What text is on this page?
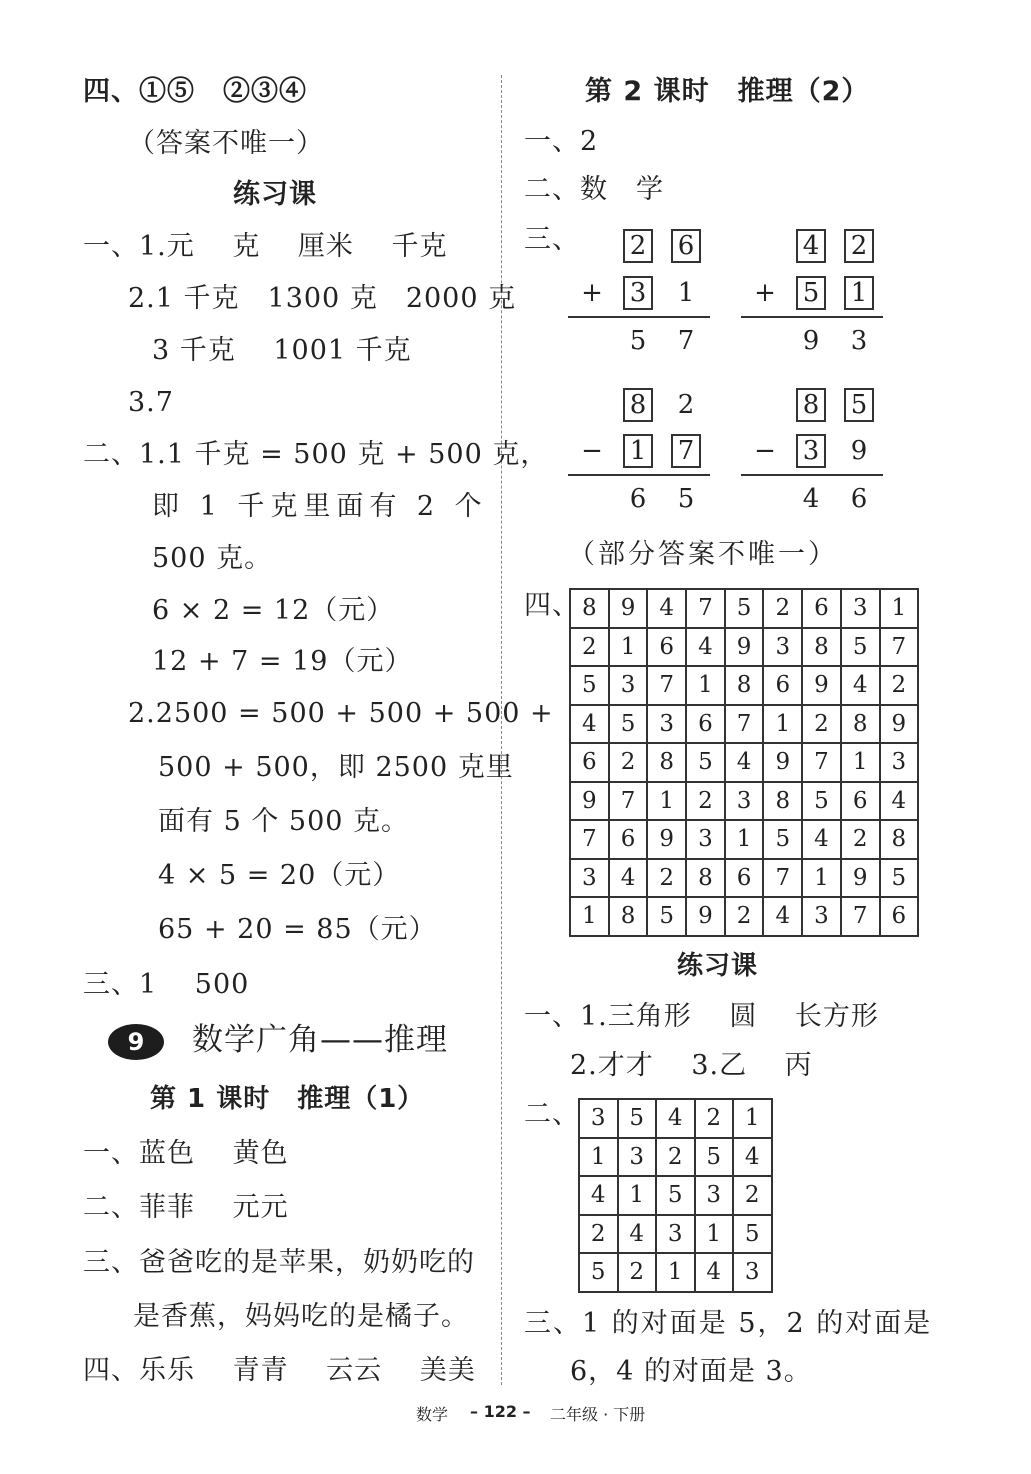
四、①⑤　②③④
（答案不唯一）
练习课
一、1.元　 克　 厘米　 千克
2.1 千克　1300 克　2000 克
3 千克　 1001 千克
3.7
二、1.1 千克 = 500 克 + 500 克，
即 1 千克里面有 2 个
500 克。
6 × 2 = 12（元）
12 + 7 = 19（元）
2.2500 = 500 + 500 + 500 +
500 + 500，即 2500 克里
面有 5 个 500 克。
4 × 5 = 20（元）
65 + 20 = 85（元）
三、1　 500
9	数学广角——推理
第 1 课时　推理（1）
一、蓝色　 黄色
二、菲菲　 元元
三、爸爸吃的是苹果，奶奶吃的
是香蕉，妈妈吃的是橘子。
四、乐乐　 青青　 云云　 美美
第 2 课时　推理（2）
一、2
二、数　学
三、 2 6
+ 3 1
5 7
4 2
+ 5 1
9 3
8 2
− 1 7
6 5
8 5
− 3 9
4 6
（部分答案不唯一）
四、 8	9	4	7	5	2	6	3	1
2	1	6	4	9	3	8	5	7
5	3	7	1	8	6	9	4	2
4	5	3	6	7	1	2	8	9
6	2	8	5	4	9	7	1	3
9	7	1	2	3	8	5	6	4
7	6	9	3	1	5	4	2	8
3	4	2	8	6	7	1	9	5
1	8	5	9	2	4	3	7	6
练习课
一、1.三角形　 圆　 长方形
2.才才　 3.乙　 丙
二、 3	5	4	2	1
1	3	2	5	4
4	1	5	3	2
2	4	3	1	5
5	2	1	4	3
三、1 的对面是 5，2 的对面是
6，4 的对面是 3。
数学 – 122 – 二年级 · 下册
